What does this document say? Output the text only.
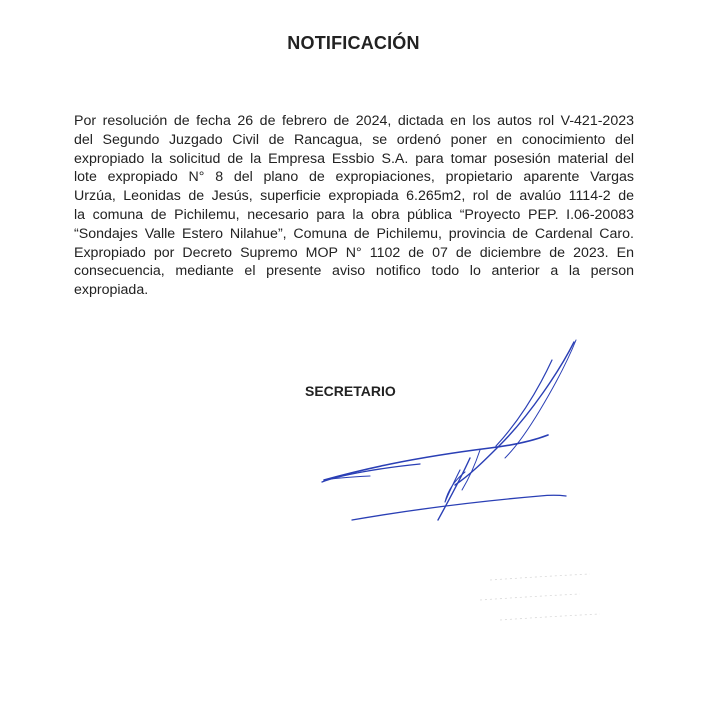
NOTIFICACIÓN
Por resolución de fecha 26 de febrero de 2024, dictada en los autos rol V-421-2023
del Segundo Juzgado Civil de Rancagua, se ordenó poner en conocimiento del
expropiado la solicitud de la Empresa Essbio S.A. para tomar posesión material del
lote expropiado N° 8 del plano de expropiaciones, propietario aparente Vargas
Urzúa, Leonidas de Jesús, superficie expropiada 6.265m2, rol de avalúo 1114-2 de
la comuna de Pichilemu, necesario para la obra pública “Proyecto PEP. I.06-20083
“Sondajes Valle Estero Nilahue”, Comuna de Pichilemu, provincia de Cardenal Caro.
Expropiado por Decreto Supremo MOP N° 1102 de 07 de diciembre de 2023. En
consecuencia, mediante el presente aviso notifico todo lo anterior a la person
expropiada.
SECRETARIO
